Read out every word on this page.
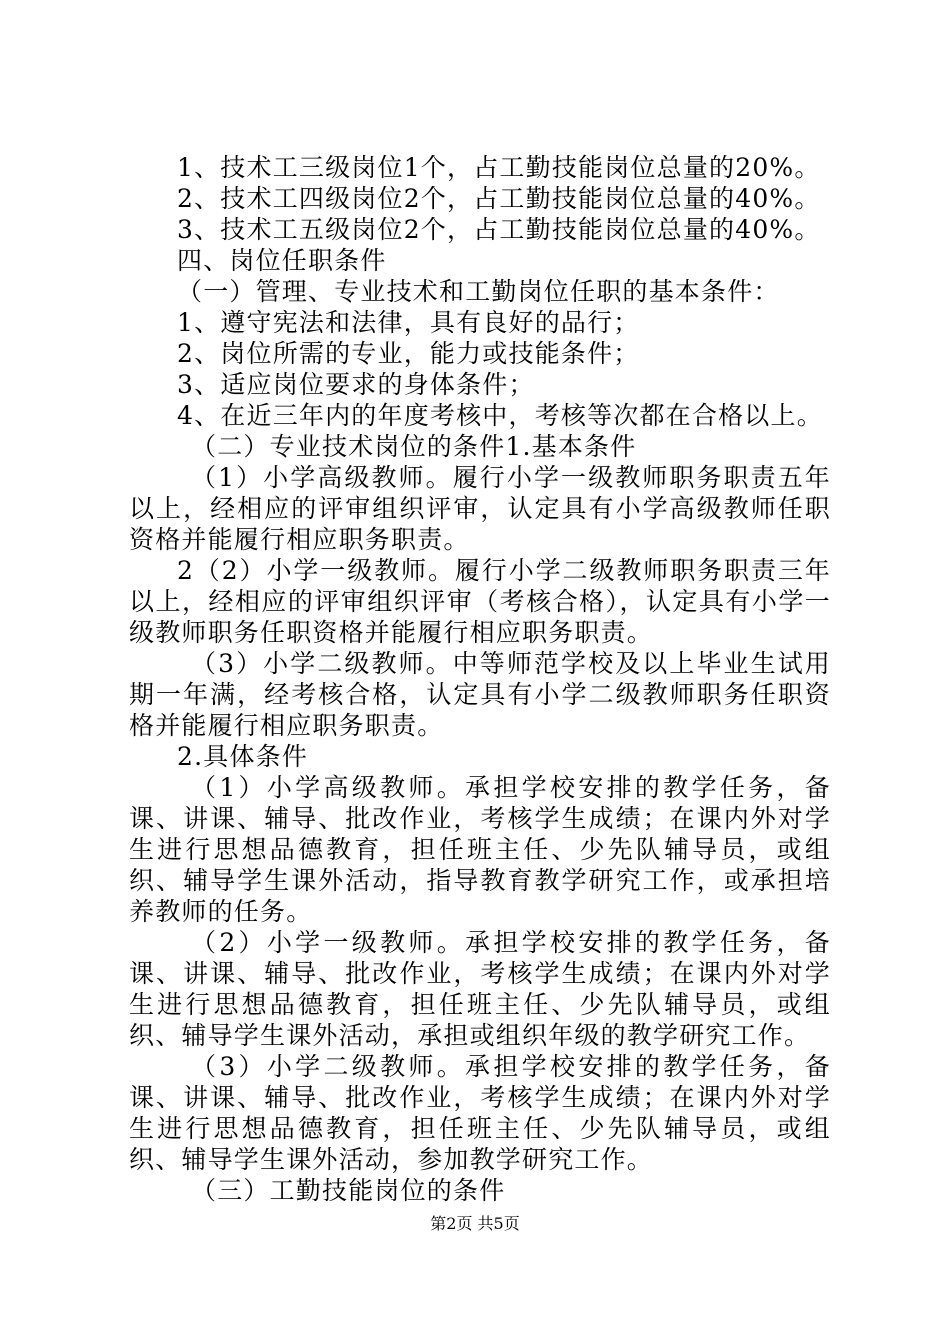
1、技术工三级岗位1个，占工勤技能岗位总量的20%。

2、技术工四级岗位2个，占工勤技能岗位总量的40%。

3、技术工五级岗位2个，占工勤技能岗位总量的40%。

四、岗位任职条件

（一）管理、专业技术和工勤岗位任职的基本条件：

1、遵守宪法和法律，具有良好的品行；

2、岗位所需的专业，能力或技能条件；

3、适应岗位要求的身体条件；

4、在近三年内的年度考核中，考核等次都在合格以上。

（二）专业技术岗位的条件1.基本条件

（1）小学高级教师。履行小学一级教师职务职责五年以上，经相应的评审组织评审，认定具有小学高级教师任职资格并能履行相应职务职责。

2（2）小学一级教师。履行小学二级教师职务职责三年以上，经相应的评审组织评审（考核合格），认定具有小学一级教师职务任职资格并能履行相应职务职责。

（3）小学二级教师。中等师范学校及以上毕业生试用期一年满，经考核合格，认定具有小学二级教师职务任职资格并能履行相应职务职责。

2.具体条件

（1）小学高级教师。承担学校安排的教学任务，备课、讲课、辅导、批改作业，考核学生成绩；在课内外对学生进行思想品德教育，担任班主任、少先队辅导员，或组织、辅导学生课外活动，指导教育教学研究工作，或承担培养教师的任务。

（2）小学一级教师。承担学校安排的教学任务，备课、讲课、辅导、批改作业，考核学生成绩；在课内外对学生进行思想品德教育，担任班主任、少先队辅导员，或组织、辅导学生课外活动，承担或组织年级的教学研究工作。

（3）小学二级教师。承担学校安排的教学任务，备课、讲课、辅导、批改作业，考核学生成绩；在课内外对学生进行思想品德教育，担任班主任、少先队辅导员，或组织、辅导学生课外活动，参加教学研究工作。

（三）工勤技能岗位的条件

第2页 共5页
